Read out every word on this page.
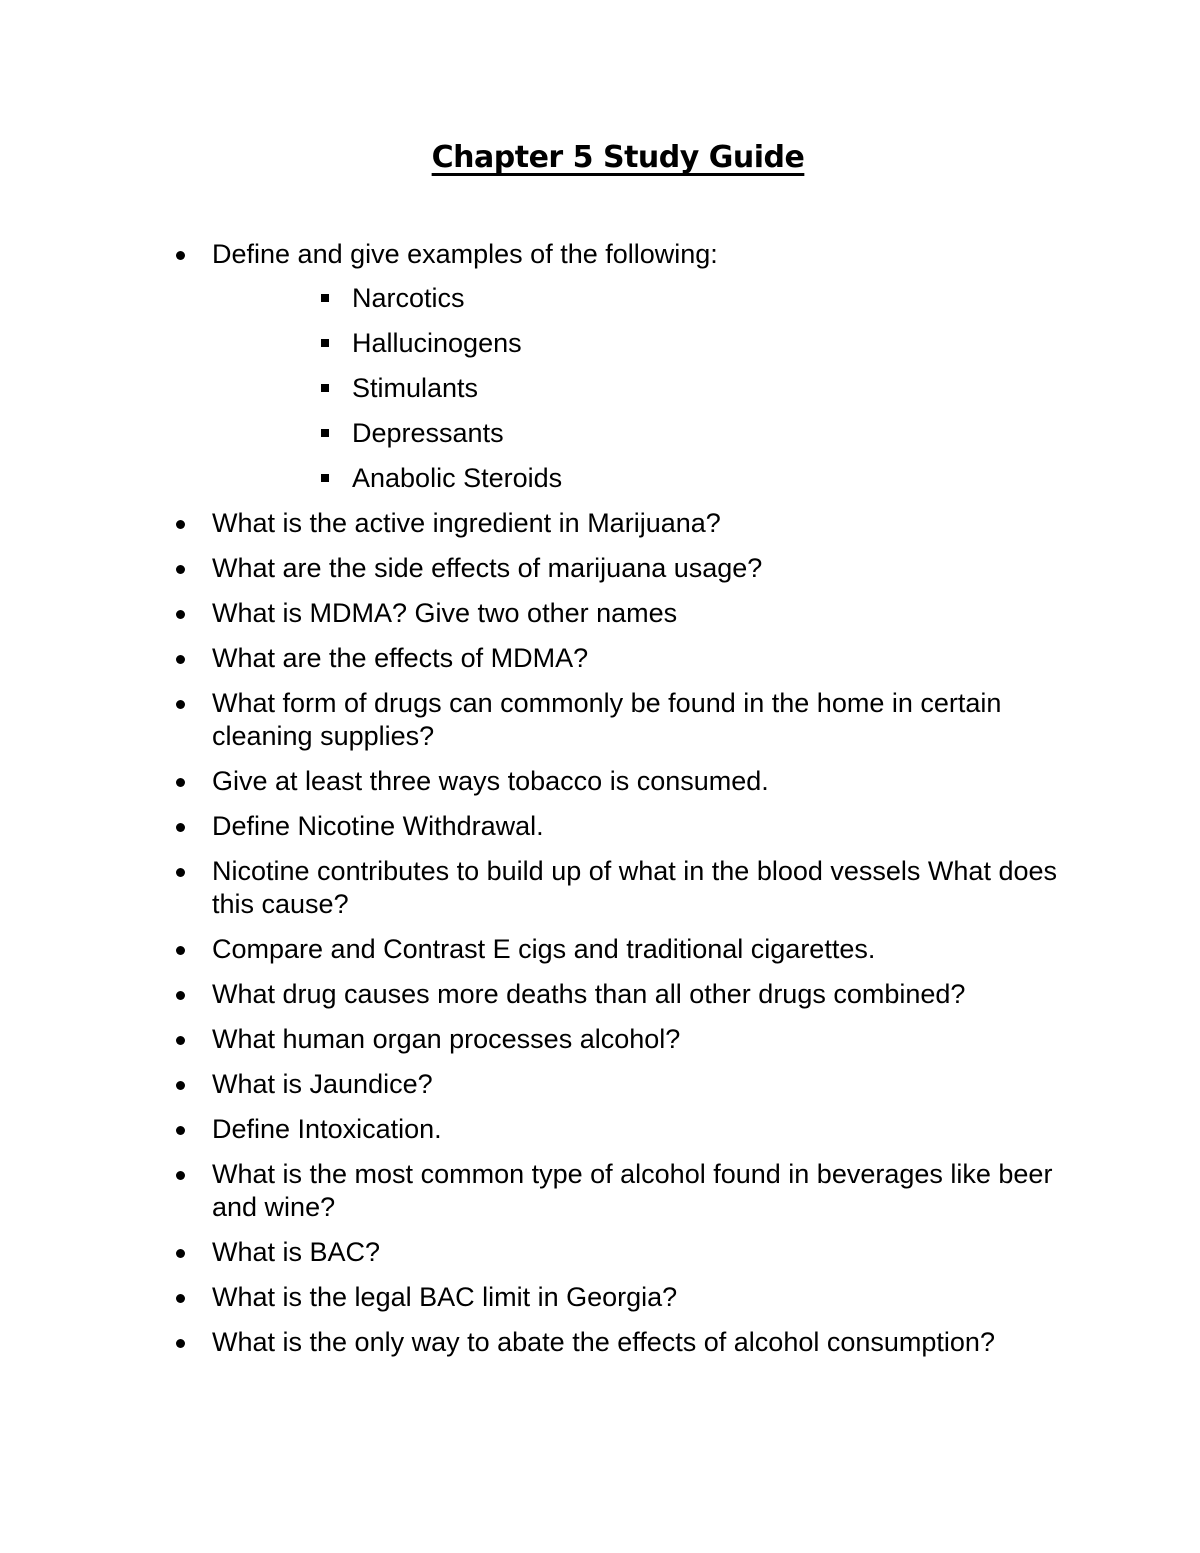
Chapter 5 Study Guide
Define and give examples of the following:
Narcotics
Hallucinogens
Stimulants
Depressants
Anabolic Steroids
What is the active ingredient in Marijuana?
What are the side effects of marijuana usage?
What is MDMA? Give two other names
What are the effects of MDMA?
What form of drugs can commonly be found in the home in certain cleaning supplies?
Give at least three ways tobacco is consumed.
Define Nicotine Withdrawal.
Nicotine contributes to build up of what in the blood vessels What does this cause?
Compare and Contrast E cigs and traditional cigarettes.
What drug causes more deaths than all other drugs combined?
What human organ processes alcohol?
What is Jaundice?
Define Intoxication.
What is the most common type of alcohol found in beverages like beer and wine?
What is BAC?
What is the legal BAC limit in Georgia?
What is the only way to abate the effects of alcohol consumption?
